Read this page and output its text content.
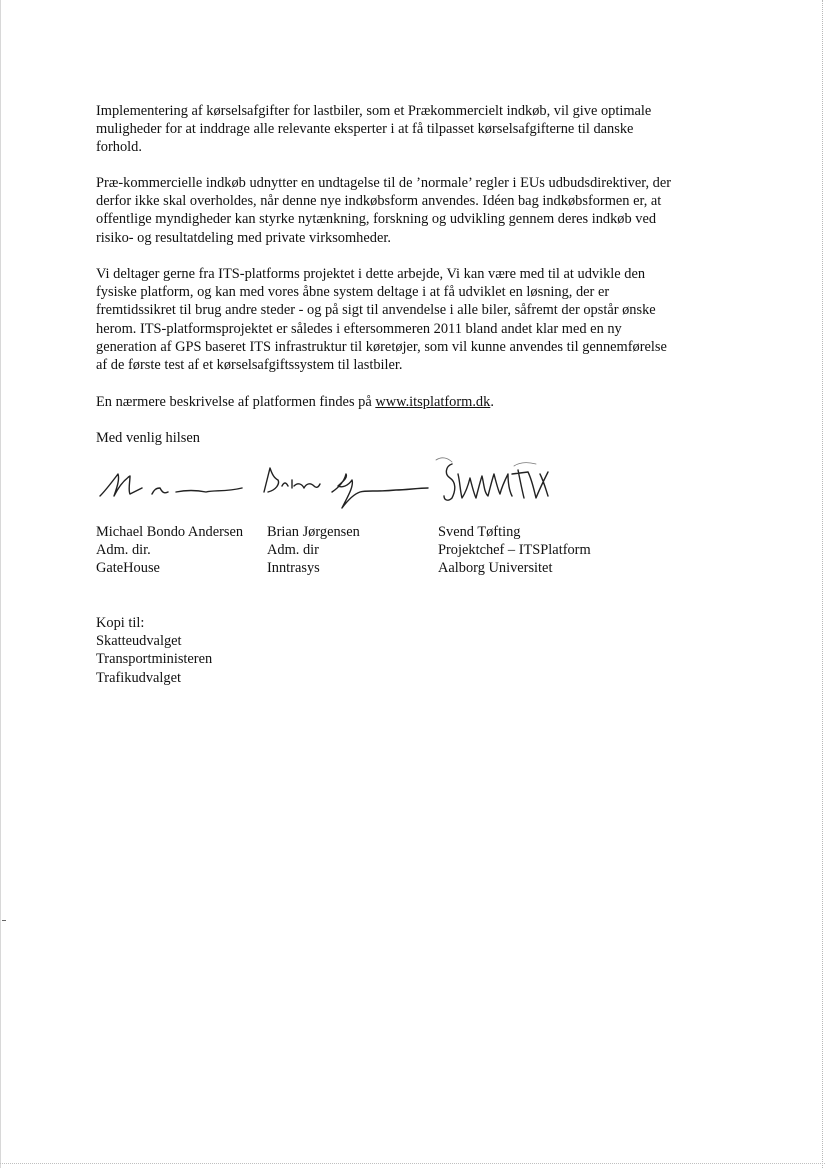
Implementering af kørselsafgifter for lastbiler, som et Prækommercielt indkøb, vil give optimale
muligheder for at inddrage alle relevante eksperter i at få tilpasset kørselsafgifterne til danske
forhold.

Præ-kommercielle indkøb udnytter en undtagelse til de ’normale’ regler i EUs udbudsdirektiver, der
derfor ikke skal overholdes, når denne nye indkøbsform anvendes. Idéen bag indkøbsformen er, at
offentlige myndigheder kan styrke nytænkning, forskning og udvikling gennem deres indkøb ved
risiko- og resultatdeling med private virksomheder.

Vi deltager gerne fra ITS-platforms projektet i dette arbejde, Vi kan være med til at udvikle den
fysiske platform, og kan med vores åbne system deltage i at få udviklet en løsning, der er
fremtidssikret til brug andre steder - og på sigt til anvendelse i alle biler, såfremt der opstår ønske
herom. ITS-platformsprojektet er således i eftersommeren 2011 bland andet klar med en ny
generation af GPS baseret ITS infrastruktur til køretøjer, som vil kunne anvendes til gennemførelse
af de første test af et kørselsafgiftssystem til lastbiler.

En nærmere beskrivelse af platformen findes på www.itsplatform.dk.

Med venlig hilsen

Michael Bondo Andersen
Adm. dir.
GateHouse
Brian Jørgensen
Adm. dir
Inntrasys
Svend Tøfting
Projektchef – ITSPlatform
Aalborg Universitet
Kopi til:
Skatteudvalget
Transportministeren
Trafikudvalget
